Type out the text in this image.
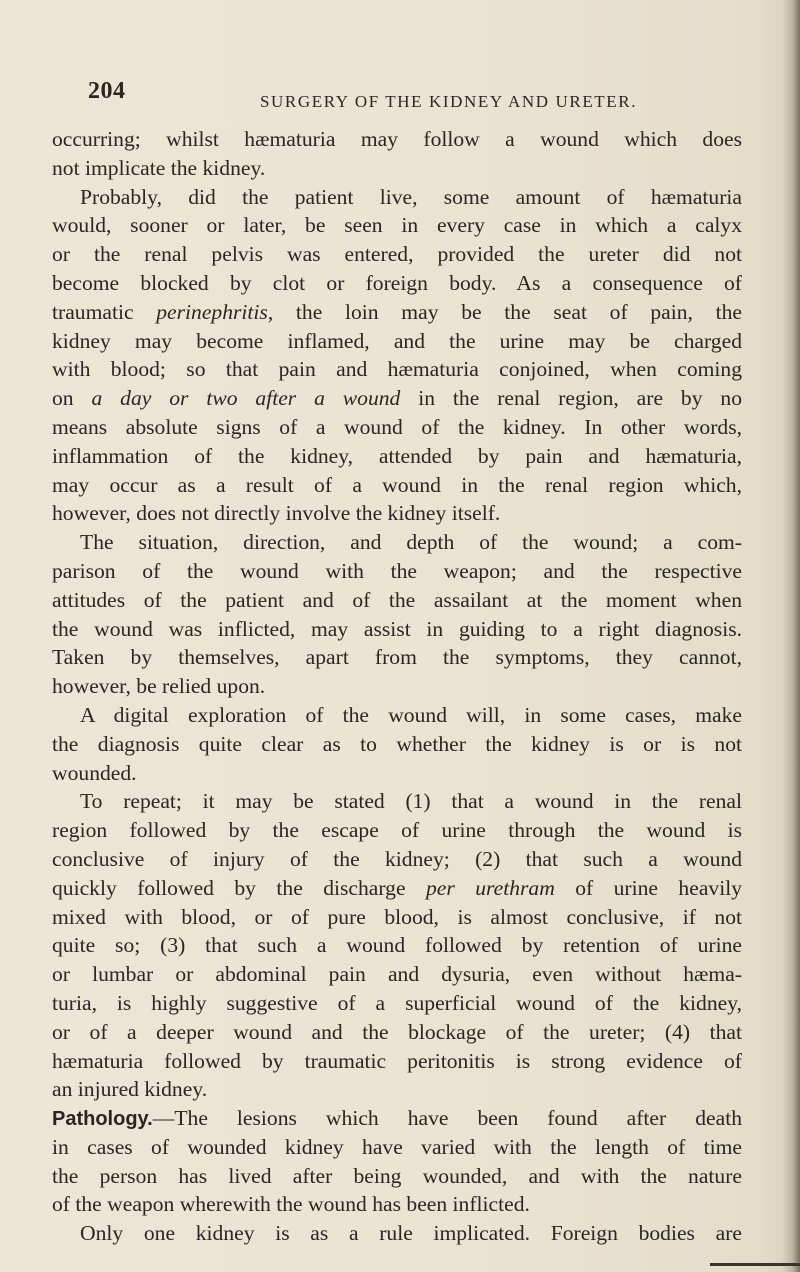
204	SURGERY OF THE KIDNEY AND URETER.
occurring; whilst hæmaturia may follow a wound which does
not implicate the kidney.
Probably, did the patient live, some amount of hæmaturia
would, sooner or later, be seen in every case in which a calyx
or the renal pelvis was entered, provided the ureter did not
become blocked by clot or foreign body. As a consequence of
traumatic perinephritis, the loin may be the seat of pain, the
kidney may become inflamed, and the urine may be charged
with blood; so that pain and hæmaturia conjoined, when coming
on a day or two after a wound in the renal region, are by no
means absolute signs of a wound of the kidney. In other words,
inflammation of the kidney, attended by pain and hæmaturia,
may occur as a result of a wound in the renal region which,
however, does not directly involve the kidney itself.
The situation, direction, and depth of the wound; a com-
parison of the wound with the weapon; and the respective
attitudes of the patient and of the assailant at the moment when
the wound was inflicted, may assist in guiding to a right diagnosis.
Taken by themselves, apart from the symptoms, they cannot,
however, be relied upon.
A digital exploration of the wound will, in some cases, make
the diagnosis quite clear as to whether the kidney is or is not
wounded.
To repeat; it may be stated (1) that a wound in the renal
region followed by the escape of urine through the wound is
conclusive of injury of the kidney; (2) that such a wound
quickly followed by the discharge per urethram of urine heavily
mixed with blood, or of pure blood, is almost conclusive, if not
quite so; (3) that such a wound followed by retention of urine
or lumbar or abdominal pain and dysuria, even without hæma-
turia, is highly suggestive of a superficial wound of the kidney,
or of a deeper wound and the blockage of the ureter; (4) that
hæmaturia followed by traumatic peritonitis is strong evidence of
an injured kidney.
Pathology.—The lesions which have been found after death
in cases of wounded kidney have varied with the length of time
the person has lived after being wounded, and with the nature
of the weapon wherewith the wound has been inflicted.
Only one kidney is as a rule implicated. Foreign bodies are
